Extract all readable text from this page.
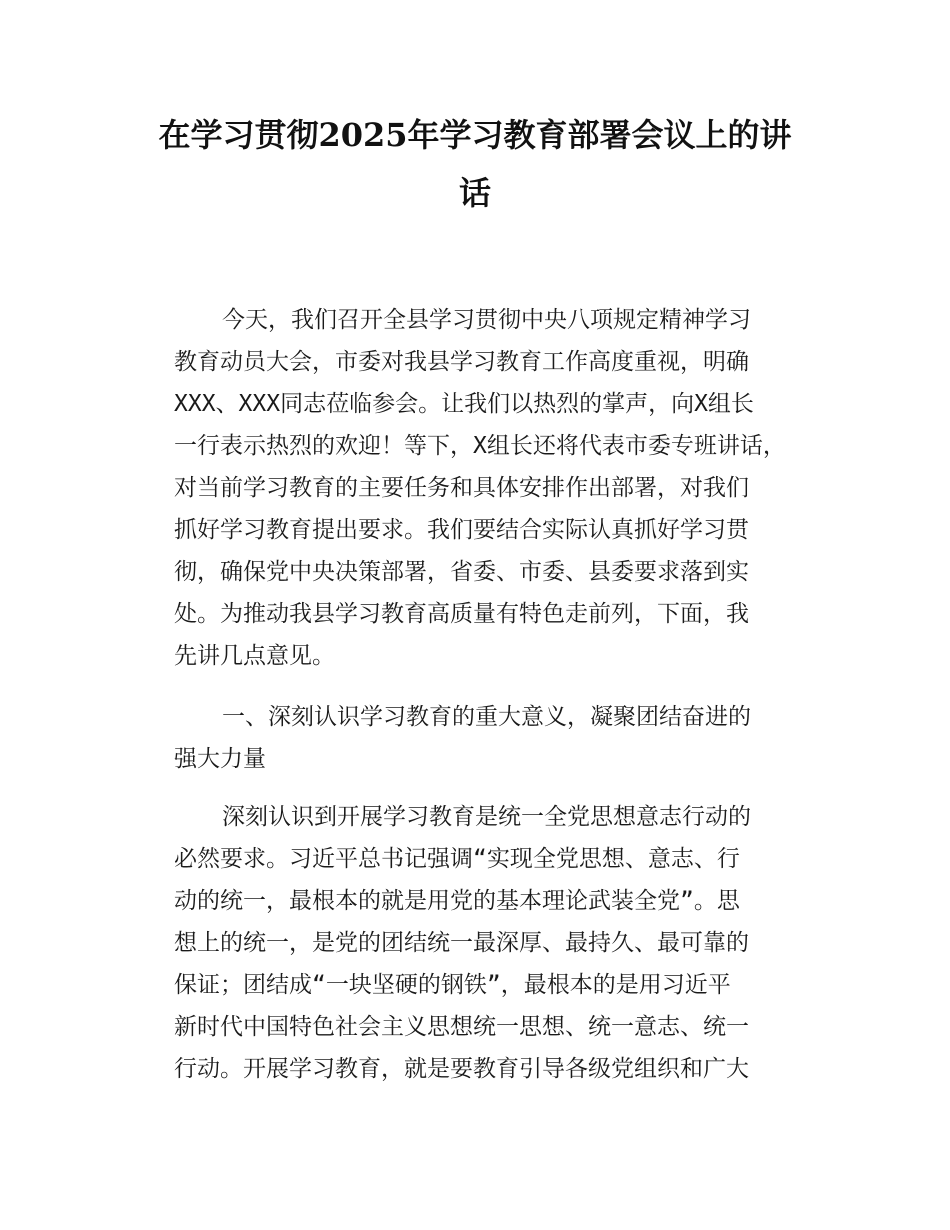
在学习贯彻2025年学习教育部署会议上的讲
话
今天，我们召开全县学习贯彻中央八项规定精神学习
教育动员大会，市委对我县学习教育工作高度重视，明确
XXX、XXX同志莅临参会。让我们以热烈的掌声，向X组长
一行表示热烈的欢迎！等下，X组长还将代表市委专班讲话，
对当前学习教育的主要任务和具体安排作出部署，对我们
抓好学习教育提出要求。我们要结合实际认真抓好学习贯
彻，确保党中央决策部署，省委、市委、县委要求落到实
处。为推动我县学习教育高质量有特色走前列，下面，我
先讲几点意见。
一、深刻认识学习教育的重大意义，凝聚团结奋进的
强大力量
深刻认识到开展学习教育是统一全党思想意志行动的
必然要求。习近平总书记强调“实现全党思想、意志、行
动的统一，最根本的就是用党的基本理论武装全党”。思
想上的统一，是党的团结统一最深厚、最持久、最可靠的
保证；团结成“一块坚硬的钢铁”，最根本的是用习近平
新时代中国特色社会主义思想统一思想、统一意志、统一
行动。开展学习教育，就是要教育引导各级党组织和广大
